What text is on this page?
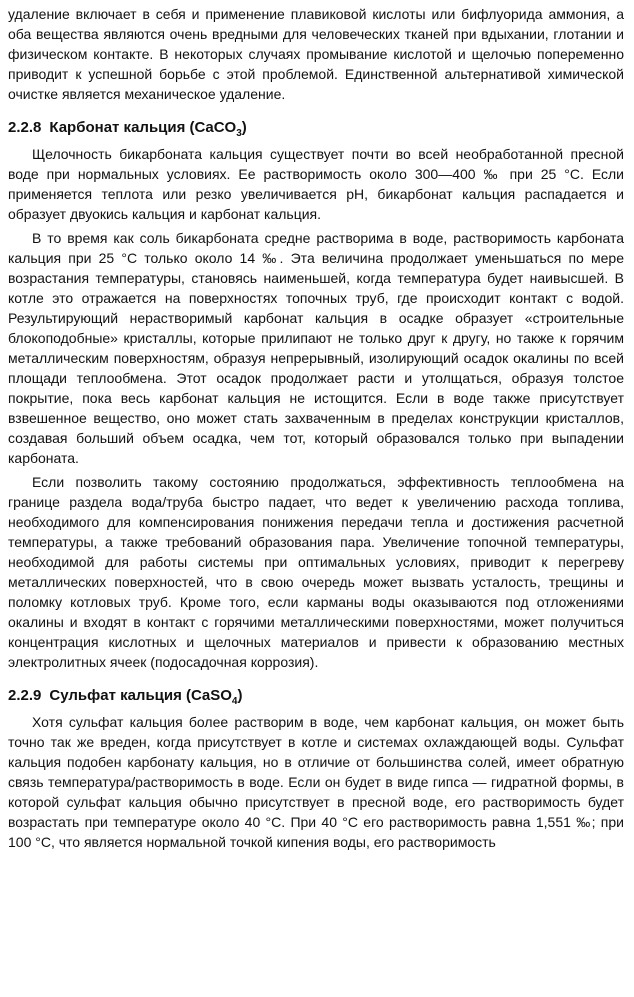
удаление включает в себя и применение плавиковой кислоты или бифлуорида аммония, а оба вещества являются очень вредными для человеческих тканей при вдыхании, глотании и физическом контакте. В некоторых случаях промывание кислотой и щелочью попеременно приводит к успешной борьбе с этой проблемой. Единственной альтернативой химической очистке является механическое удаление.

2.2.8 Карбонат кальция (CaCO$_3$)

Щелочность бикарбоната кальция существует почти во всей необработанной пресной воде при нормальных условиях. Ее растворимость около 300—400 ‰ при 25 °С. Если применяется теплота или резко увеличивается pH, бикарбонат кальция распадается и образует двуокись кальция и карбонат кальция.

В то время как соль бикарбоната средне растворима в воде, растворимость карбоната кальция при 25 °С только около 14 ‰. Эта величина продолжает уменьшаться по мере возрастания температуры, становясь наименьшей, когда температура будет наивысшей. В котле это отражается на поверхностях топочных труб, где происходит контакт с водой. Результирующий нерастворимый карбонат кальция в осадке образует «строительные блокоподобные» кристаллы, которые прилипают не только друг к другу, но также к горячим металлическим поверхностям, образуя непрерывный, изолирующий осадок окалины по всей площади теплообмена. Этот осадок продолжает расти и утолщаться, образуя толстое покрытие, пока весь карбонат кальция не истощится. Если в воде также присутствует взвешенное вещество, оно может стать захваченным в пределах конструкции кристаллов, создавая больший объем осадка, чем тот, который образовался только при выпадении карбоната.

Если позволить такому состоянию продолжаться, эффективность теплообмена на границе раздела вода/труба быстро падает, что ведет к увеличению расхода топлива, необходимого для компенсирования понижения передачи тепла и достижения расчетной температуры, а также требований образования пара. Увеличение топочной температуры, необходимой для работы системы при оптимальных условиях, приводит к перегреву металлических поверхностей, что в свою очередь может вызвать усталость, трещины и поломку котловых труб. Кроме того, если карманы воды оказываются под отложениями окалины и входят в контакт с горячими металлическими поверхностями, может получиться концентрация кислотных и щелочных материалов и привести к образованию местных электролитных ячеек (подосадочная коррозия).

2.2.9 Сульфат кальция (CaSO$_4$)

Хотя сульфат кальция более растворим в воде, чем карбонат кальция, он может быть точно так же вреден, когда присутствует в котле и системах охлаждающей воды. Сульфат кальция подобен карбонату кальция, но в отличие от большинства солей, имеет обратную связь температура/растворимость в воде. Если он будет в виде гипса — гидратной формы, в которой сульфат кальция обычно присутствует в пресной воде, его растворимость будет возрастать при температуре около 40 °С. При 40 °С его растворимость равна 1,551 ‰; при 100 °С, что является нормальной точкой кипения воды, его растворимость
